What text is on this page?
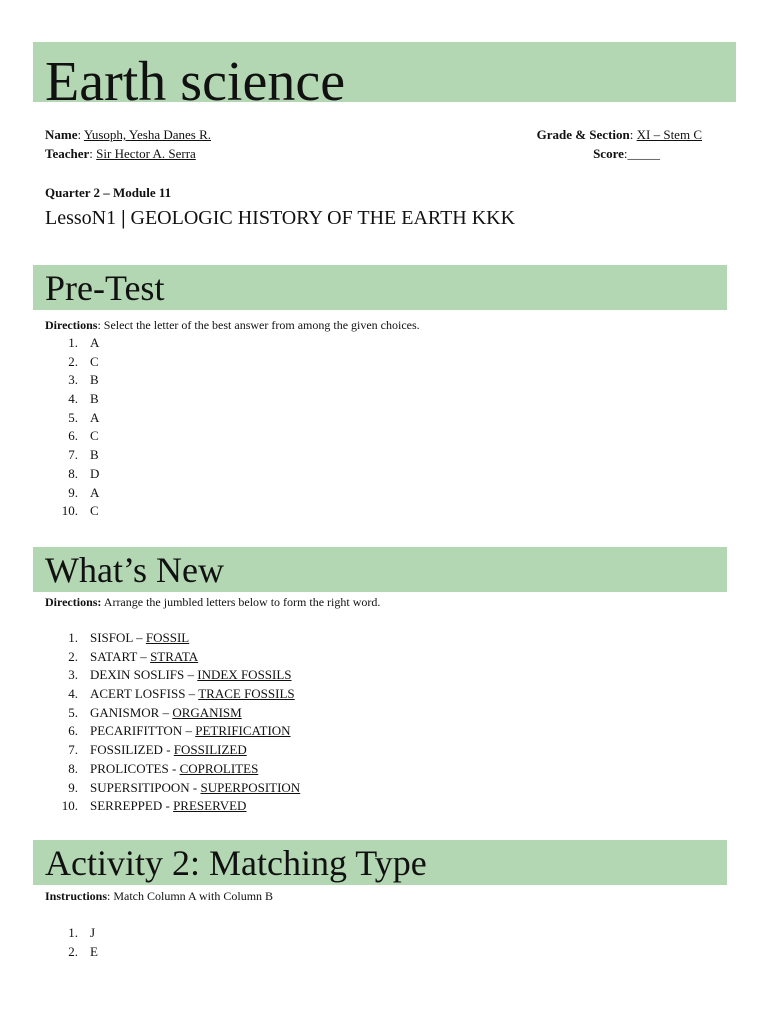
Earth science
Name: Yusoph, Yesha Danes R.
Teacher: Sir Hector A. Serra
Grade & Section: XI – Stem C
Score:_____
Quarter 2 – Module 11
LessoN1 | GEOLOGIC HISTORY OF THE EARTH KKK
Pre-Test
Directions: Select the letter of the best answer from among the given choices.
1. A
2. C
3. B
4. B
5. A
6. C
7. B
8. D
9. A
10. C
What’s New
Directions: Arrange the jumbled letters below to form the right word.
1. SISFOL – FOSSIL
2. SATART – STRATA
3. DEXIN SOSLIFS – INDEX FOSSILS
4. ACERT LOSFISS – TRACE FOSSILS
5. GANISMOR – ORGANISM
6. PECARIFITTON – PETRIFICATION
7. FOSSILIZED - FOSSILIZED
8. PROLICOTES - COPROLITES
9. SUPERSITIPOON - SUPERPOSITION
10. SERREPPED - PRESERVED
Activity 2: Matching Type
Instructions: Match Column A with Column B
1. J
2. E
